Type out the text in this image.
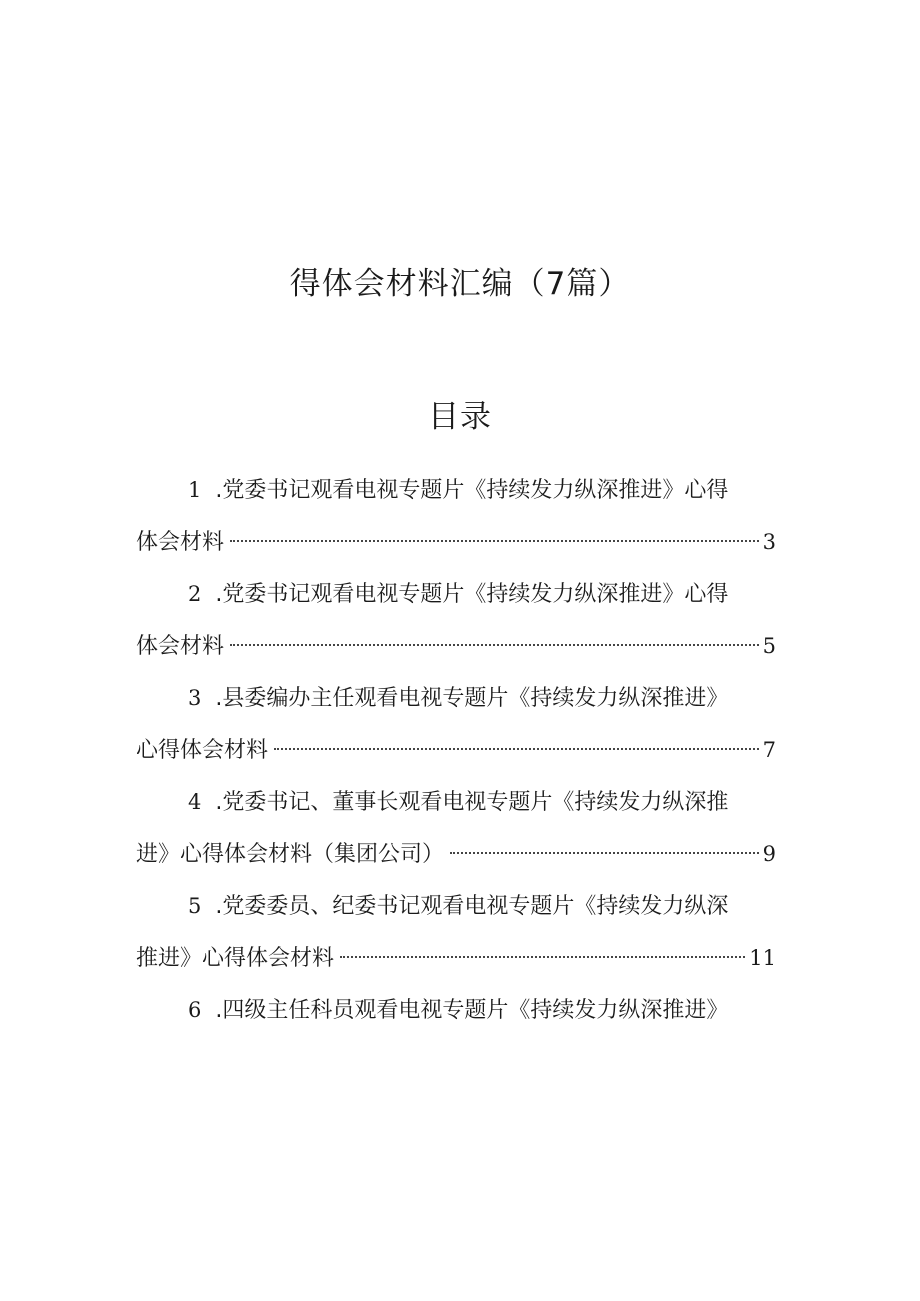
得体会材料汇编（7篇）
目录
1 .党委书记观看电视专题片《持续发力纵深推进》心得
体会材料	3
2 .党委书记观看电视专题片《持续发力纵深推进》心得
体会材料	5
3 .县委编办主任观看电视专题片《持续发力纵深推进》
心得体会材料	7
4 .党委书记、董事长观看电视专题片《持续发力纵深推
进》心得体会材料（集团公司）	9
5 .党委委员、纪委书记观看电视专题片《持续发力纵深
推进》心得体会材料	11
6 .四级主任科员观看电视专题片《持续发力纵深推进》
